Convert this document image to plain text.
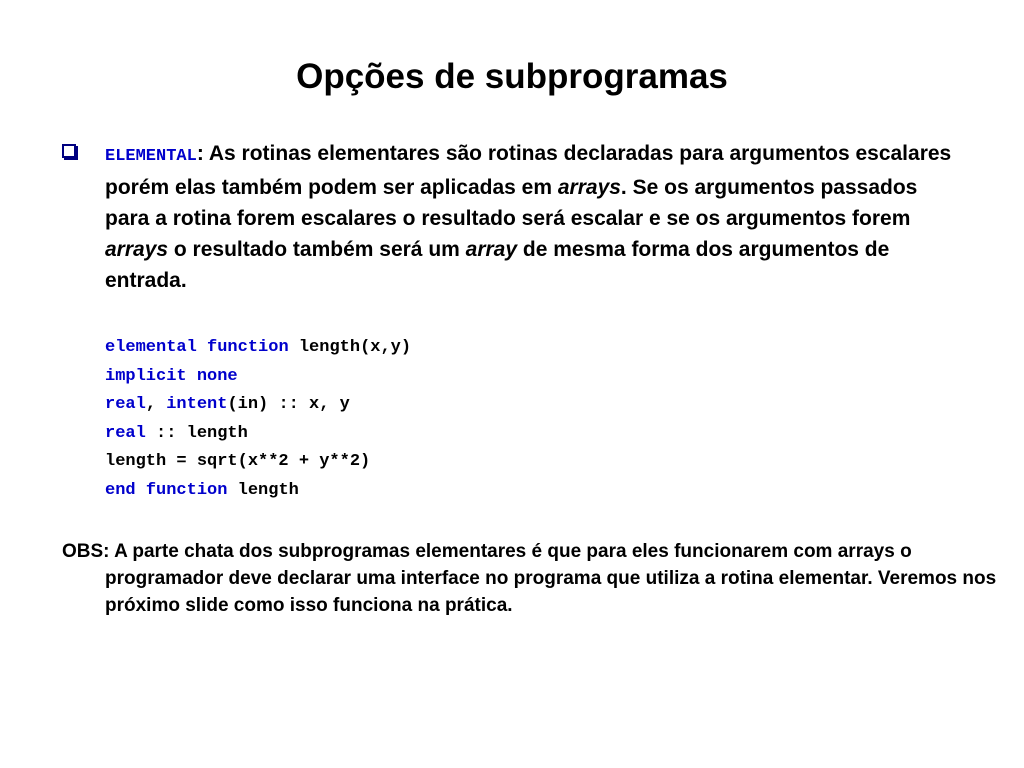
Opções de subprogramas
ELEMENTAL: As rotinas elementares são rotinas declaradas para argumentos escalares porém elas também podem ser aplicadas em arrays. Se os argumentos passados para a rotina forem escalares o resultado será escalar e se os argumentos forem arrays o resultado também será um array de mesma forma dos argumentos de entrada.
elemental function length(x,y)
implicit none
real, intent(in) :: x, y
real :: length
length = sqrt(x**2 + y**2)
end function length
OBS: A parte chata dos subprogramas elementares é que para eles funcionarem com arrays o programador deve declarar uma interface no programa que utiliza a rotina elementar. Veremos nos próximo slide como isso funciona na prática.
